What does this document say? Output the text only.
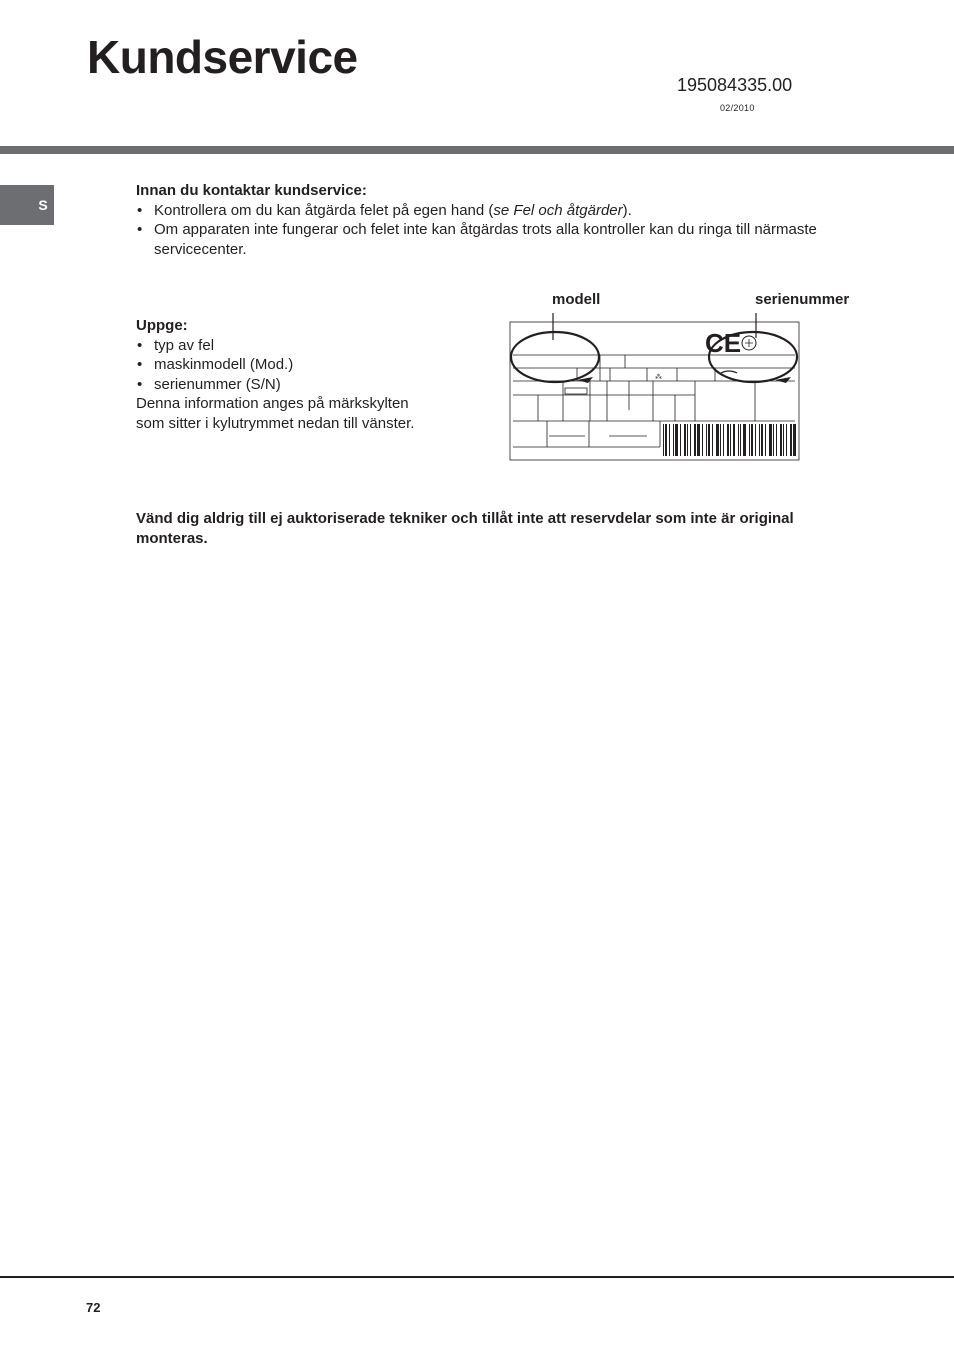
Kundservice
195084335.00
02/2010
S
Innan du kontaktar kundservice:
• Kontrollera om du kan åtgärda felet på egen hand (se Fel och åtgärder).
• Om apparaten inte fungerar och felet inte kan åtgärdas trots alla kontroller kan du ringa till närmaste servicecenter.
Uppge:
• typ av fel
• maskinmodell (Mod.)
• serienummer (S/N)
Denna information anges på märkskylten
som sitter i kylutrymmet nedan till vänster.
modell	serienummer
CE
⁂
Vänd dig aldrig till ej auktoriserade tekniker och tillåt inte att reservdelar som inte är original monteras.
72
